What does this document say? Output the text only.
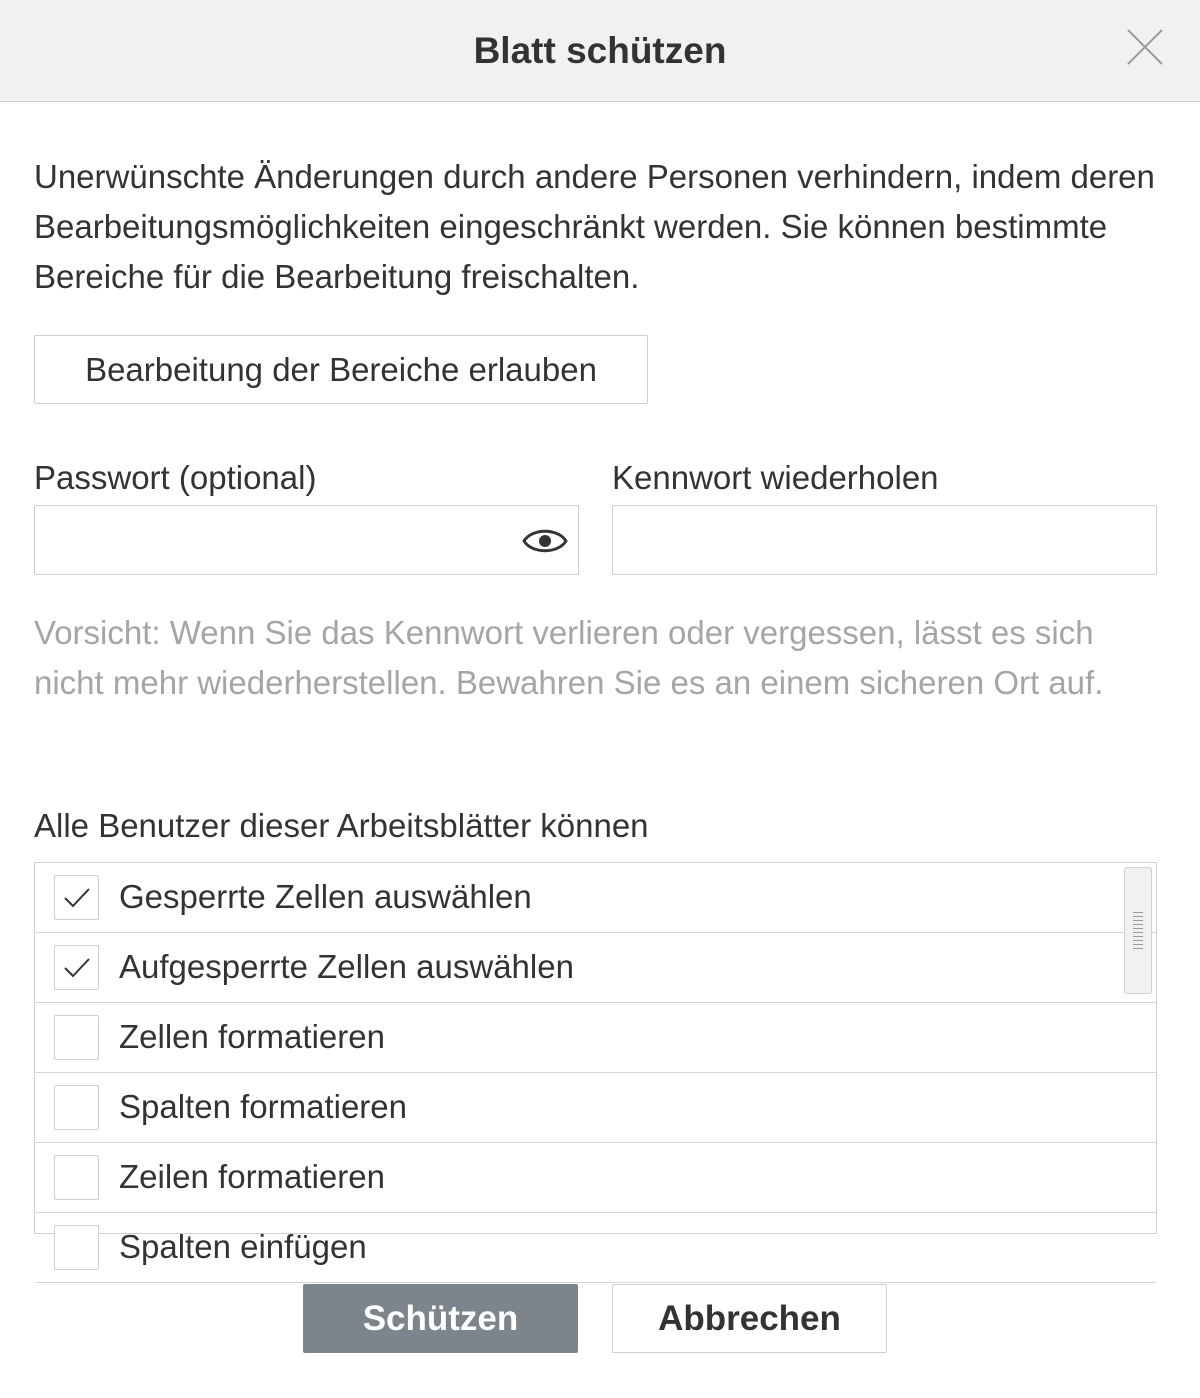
Blatt schützen
Unerwünschte Änderungen durch andere Personen verhindern, indem deren Bearbeitungsmöglichkeiten eingeschränkt werden. Sie können bestimmte Bereiche für die Bearbeitung freischalten.
Bearbeitung der Bereiche erlauben
Passwort (optional)	Kennwort wiederholen
Vorsicht: Wenn Sie das Kennwort verlieren oder vergessen, lässt es sich nicht mehr wiederherstellen. Bewahren Sie es an einem sicheren Ort auf.
Alle Benutzer dieser Arbeitsblätter können
Gesperrte Zellen auswählen
Aufgesperrte Zellen auswählen
Zellen formatieren
Spalten formatieren
Zeilen formatieren
Spalten einfügen
Schützen	Abbrechen
